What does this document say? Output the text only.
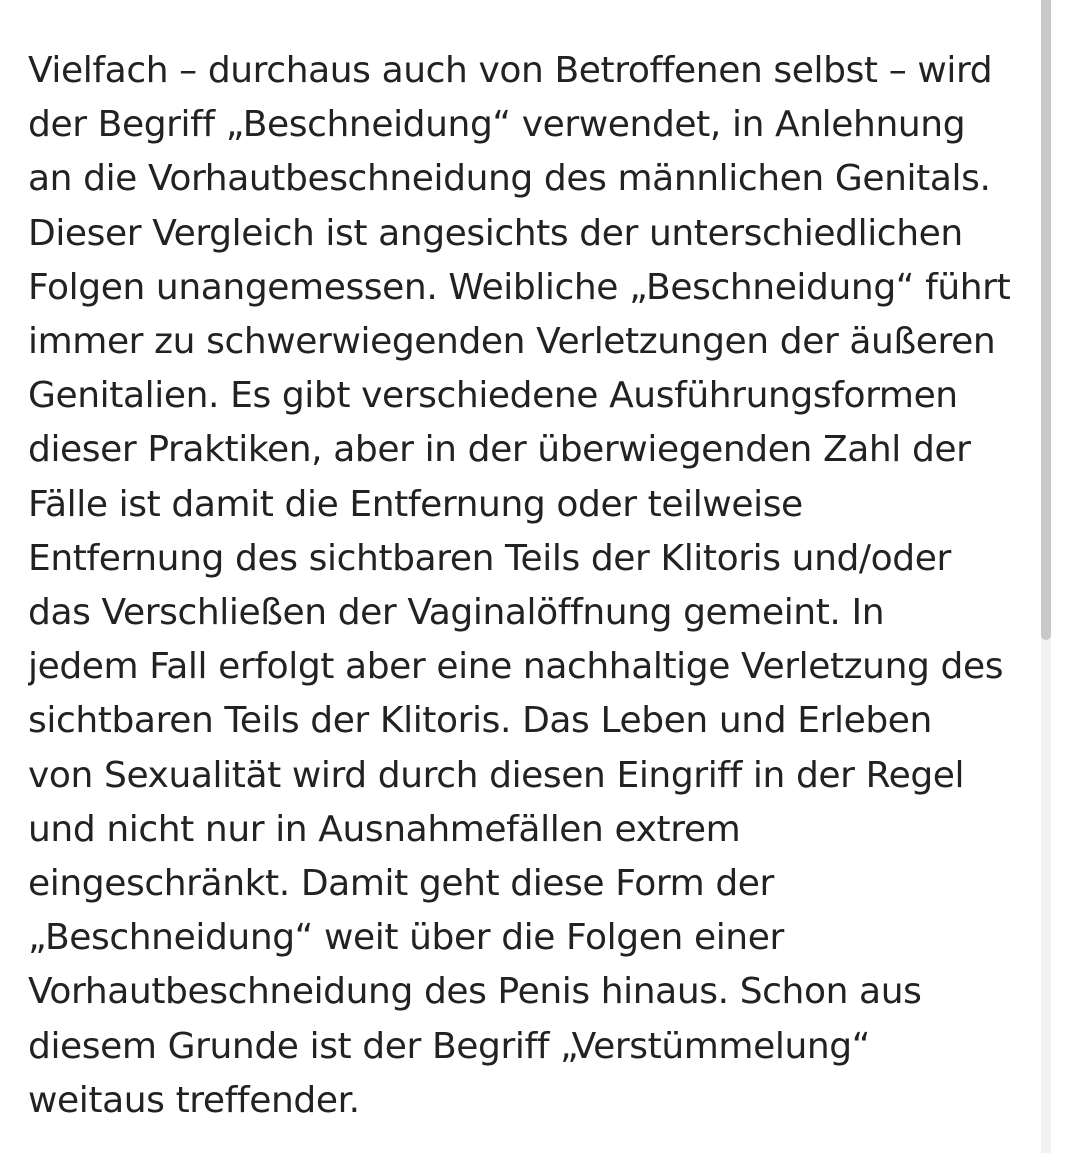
Vielfach – durchaus auch von Betroffenen selbst – wird
der Begriff „Beschneidung“ verwendet, in Anlehnung
an die Vorhautbeschneidung des männlichen Genitals.
Dieser Vergleich ist angesichts der unterschiedlichen
Folgen unangemessen. Weibliche „Beschneidung“ führt
immer zu schwerwiegenden Verletzungen der äußeren
Genitalien. Es gibt verschiedene Ausführungsformen
dieser Praktiken, aber in der überwiegenden Zahl der
Fälle ist damit die Entfernung oder teilweise
Entfernung des sichtbaren Teils der Klitoris und/oder
das Verschließen der Vaginalöffnung gemeint. In
jedem Fall erfolgt aber eine nachhaltige Verletzung des
sichtbaren Teils der Klitoris. Das Leben und Erleben
von Sexualität wird durch diesen Eingriff in der Regel
und nicht nur in Ausnahmefällen extrem
eingeschränkt. Damit geht diese Form der
„Beschneidung“ weit über die Folgen einer
Vorhautbeschneidung des Penis hinaus. Schon aus
diesem Grunde ist der Begriff „Verstümmelung“
weitaus treffender.
